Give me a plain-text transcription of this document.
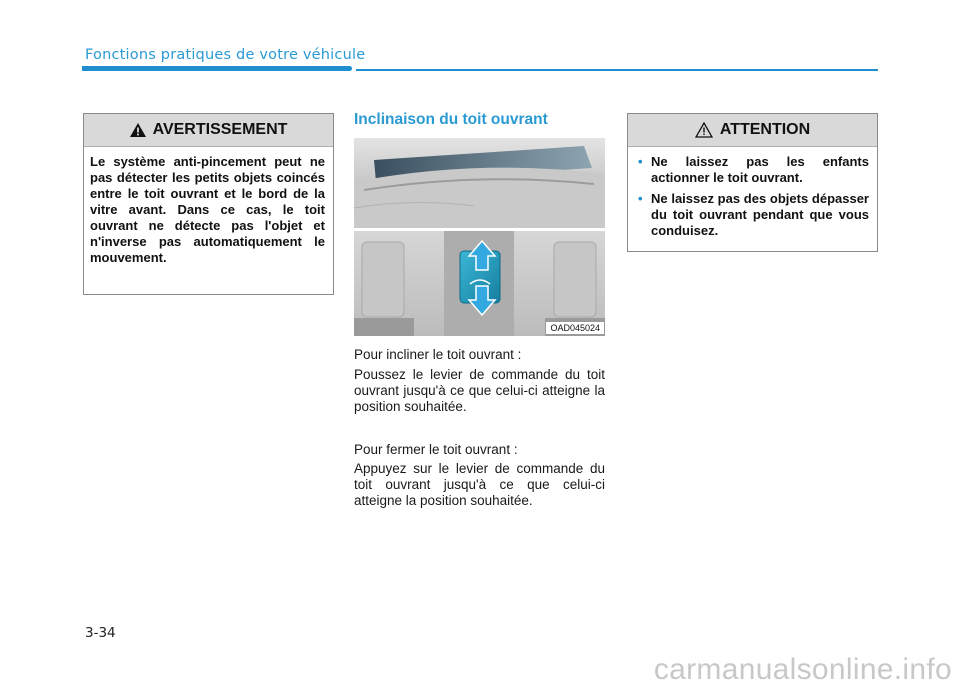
Fonctions pratiques de votre véhicule
AVERTISSEMENT
Le système anti-pincement peut ne pas détecter les petits objets coincés entre le toit ouvrant et le bord de la vitre avant. Dans ce cas, le toit ouvrant ne détecte pas l'objet et n'inverse pas automatiquement le mouvement.
Inclinaison du toit ouvrant
OAD045024
Pour incliner le toit ouvrant :
Poussez le levier de commande du toit ouvrant jusqu'à ce que celui-ci atteigne la position souhaitée.
Pour fermer le toit ouvrant :
Appuyez sur le levier de commande du toit ouvrant jusqu'à ce que celui-ci atteigne la position souhaitée.
ATTENTION
• Ne laissez pas les enfants actionner le toit ouvrant.
• Ne laissez pas des objets dépasser du toit ouvrant pendant que vous conduisez.
3-34
carmanualsonline.info
